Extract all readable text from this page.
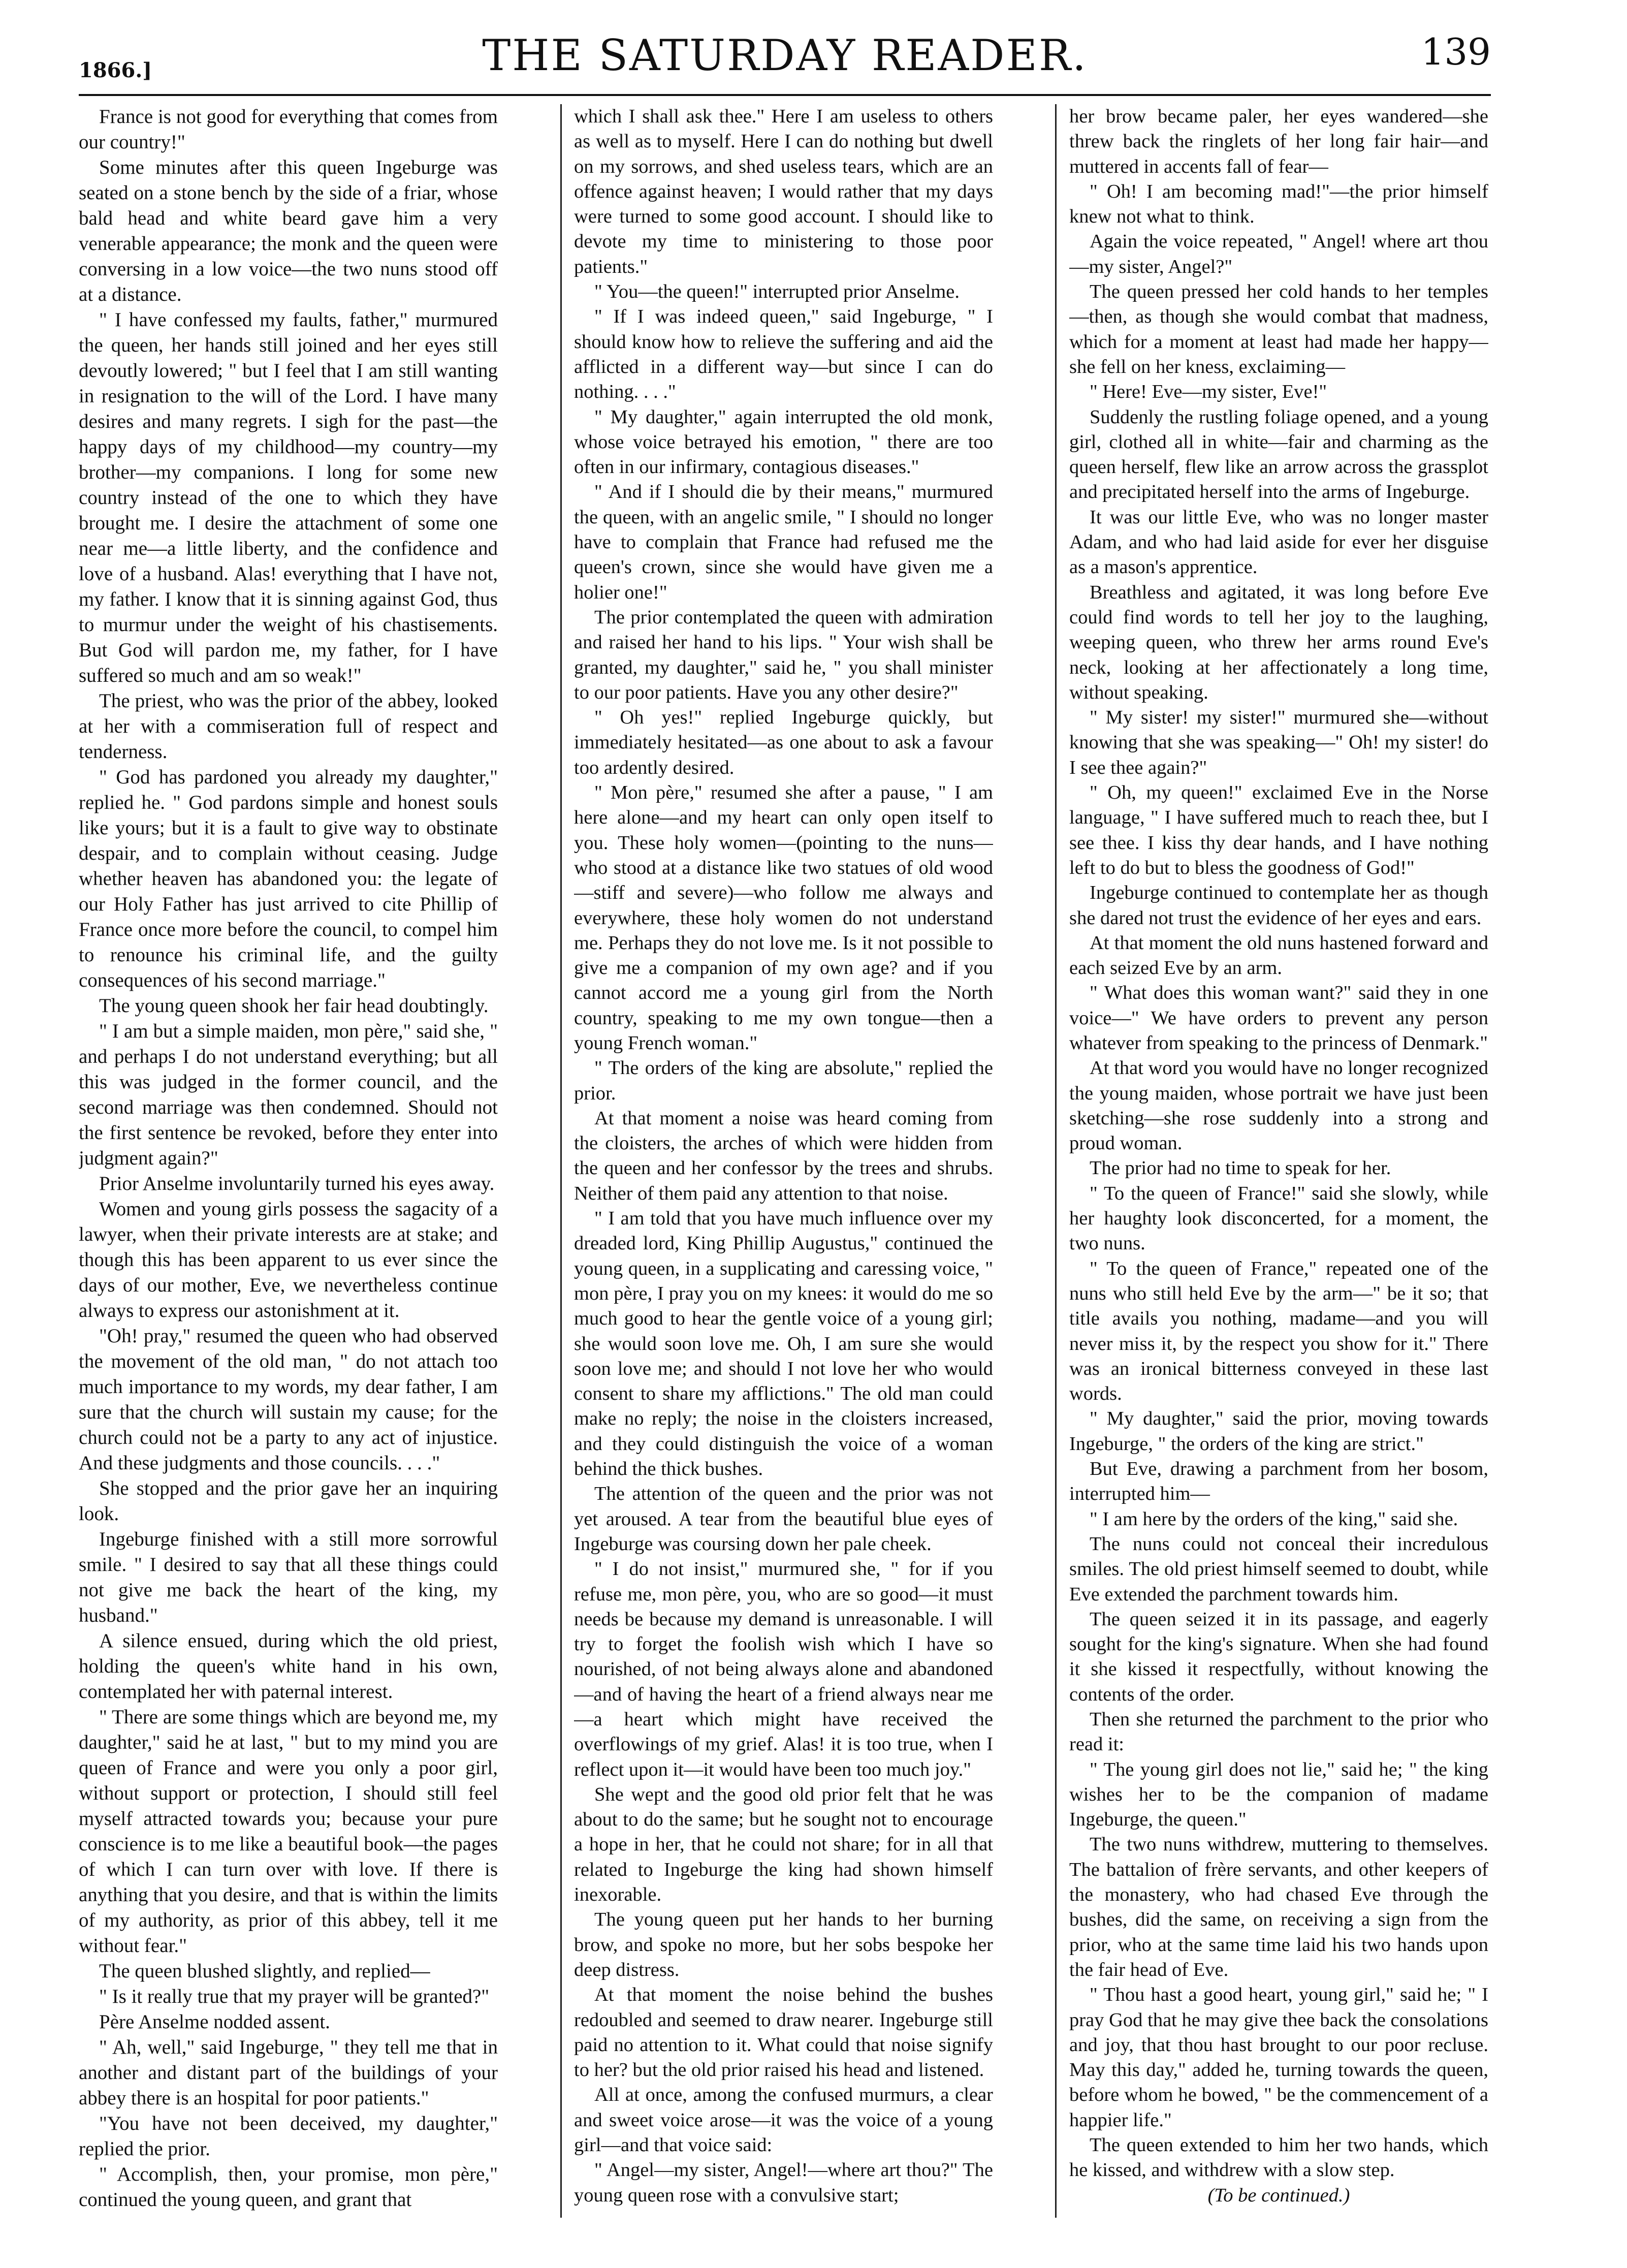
1866.]	THE SATURDAY READER.	139

France is not good for everything that comes from our country!"

Some minutes after this queen Ingeburge was seated on a stone bench by the side of a friar, whose bald head and white beard gave him a very venerable appearance; the monk and the queen were conversing in a low voice—the two nuns stood off at a distance.

" I have confessed my faults, father," murmured the queen, her hands still joined and her eyes still devoutly lowered; " but I feel that I am still wanting in resignation to the will of the Lord. I have many desires and many regrets. I sigh for the past—the happy days of my childhood—my country—my brother—my companions. I long for some new country instead of the one to which they have brought me. I desire the attachment of some one near me—a little liberty, and the confidence and love of a husband. Alas! everything that I have not, my father. I know that it is sinning against God, thus to murmur under the weight of his chastisements. But God will pardon me, my father, for I have suffered so much and am so weak!"

The priest, who was the prior of the abbey, looked at her with a commiseration full of respect and tenderness.

" God has pardoned you already my daughter," replied he. " God pardons simple and honest souls like yours; but it is a fault to give way to obstinate despair, and to complain without ceasing. Judge whether heaven has abandoned you: the legate of our Holy Father has just arrived to cite Phillip of France once more before the council, to compel him to renounce his criminal life, and the guilty consequences of his second marriage."

The young queen shook her fair head doubtingly.

" I am but a simple maiden, mon père," said she, " and perhaps I do not understand everything; but all this was judged in the former council, and the second marriage was then condemned. Should not the first sentence be revoked, before they enter into judgment again?"

Prior Anselme involuntarily turned his eyes away.

Women and young girls possess the sagacity of a lawyer, when their private interests are at stake; and though this has been apparent to us ever since the days of our mother, Eve, we nevertheless continue always to express our astonishment at it.

"Oh! pray," resumed the queen who had observed the movement of the old man, " do not attach too much importance to my words, my dear father, I am sure that the church will sustain my cause; for the church could not be a party to any act of injustice. And these judgments and those councils. . . ."

She stopped and the prior gave her an inquiring look.

Ingeburge finished with a still more sorrowful smile. " I desired to say that all these things could not give me back the heart of the king, my husband."

A silence ensued, during which the old priest, holding the queen's white hand in his own, contemplated her with paternal interest.

" There are some things which are beyond me, my daughter," said he at last, " but to my mind you are queen of France and were you only a poor girl, without support or protection, I should still feel myself attracted towards you; because your pure conscience is to me like a beautiful book—the pages of which I can turn over with love. If there is anything that you desire, and that is within the limits of my authority, as prior of this abbey, tell it me without fear."

The queen blushed slightly, and replied—

" Is it really true that my prayer will be granted?"

Père Anselme nodded assent.

" Ah, well," said Ingeburge, " they tell me that in another and distant part of the buildings of your abbey there is an hospital for poor patients."

"You have not been deceived, my daughter," replied the prior.

" Accomplish, then, your promise, mon père," continued the young queen, and grant that

which I shall ask thee." Here I am useless to others as well as to myself. Here I can do nothing but dwell on my sorrows, and shed useless tears, which are an offence against heaven; I would rather that my days were turned to some good account. I should like to devote my time to ministering to those poor patients."

" You—the queen!" interrupted prior Anselme.

" If I was indeed queen," said Ingeburge, " I should know how to relieve the suffering and aid the afflicted in a different way—but since I can do nothing. . . ."

" My daughter," again interrupted the old monk, whose voice betrayed his emotion, " there are too often in our infirmary, contagious diseases."

" And if I should die by their means," murmured the queen, with an angelic smile, " I should no longer have to complain that France had refused me the queen's crown, since she would have given me a holier one!"

The prior contemplated the queen with admiration and raised her hand to his lips. " Your wish shall be granted, my daughter," said he, " you shall minister to our poor patients. Have you any other desire?"

" Oh yes!" replied Ingeburge quickly, but immediately hesitated—as one about to ask a favour too ardently desired.

" Mon père," resumed she after a pause, " I am here alone—and my heart can only open itself to you. These holy women—(pointing to the nuns—who stood at a distance like two statues of old wood—stiff and severe)—who follow me always and everywhere, these holy women do not understand me. Perhaps they do not love me. Is it not possible to give me a companion of my own age? and if you cannot accord me a young girl from the North country, speaking to me my own tongue—then a young French woman."

" The orders of the king are absolute," replied the prior.

At that moment a noise was heard coming from the cloisters, the arches of which were hidden from the queen and her confessor by the trees and shrubs. Neither of them paid any attention to that noise.

" I am told that you have much influence over my dreaded lord, King Phillip Augustus," continued the young queen, in a supplicating and caressing voice, " mon père, I pray you on my knees: it would do me so much good to hear the gentle voice of a young girl; she would soon love me. Oh, I am sure she would soon love me; and should I not love her who would consent to share my afflictions." The old man could make no reply; the noise in the cloisters increased, and they could distinguish the voice of a woman behind the thick bushes.

The attention of the queen and the prior was not yet aroused. A tear from the beautiful blue eyes of Ingeburge was coursing down her pale cheek.

" I do not insist," murmured she, " for if you refuse me, mon père, you, who are so good—it must needs be because my demand is unreasonable. I will try to forget the foolish wish which I have so nourished, of not being always alone and abandoned—and of having the heart of a friend always near me—a heart which might have received the overflowings of my grief. Alas! it is too true, when I reflect upon it—it would have been too much joy."

She wept and the good old prior felt that he was about to do the same; but he sought not to encourage a hope in her, that he could not share; for in all that related to Ingeburge the king had shown himself inexorable.

The young queen put her hands to her burning brow, and spoke no more, but her sobs bespoke her deep distress.

At that moment the noise behind the bushes redoubled and seemed to draw nearer. Ingeburge still paid no attention to it. What could that noise signify to her? but the old prior raised his head and listened.

All at once, among the confused murmurs, a clear and sweet voice arose—it was the voice of a young girl—and that voice said:

" Angel—my sister, Angel!—where art thou?" The young queen rose with a convulsive start;

her brow became paler, her eyes wandered—she threw back the ringlets of her long fair hair—and muttered in accents fall of fear—

" Oh! I am becoming mad!"—the prior himself knew not what to think.

Again the voice repeated, " Angel! where art thou—my sister, Angel?"

The queen pressed her cold hands to her temples—then, as though she would combat that madness, which for a moment at least had made her happy—she fell on her kness, exclaiming—

" Here! Eve—my sister, Eve!"

Suddenly the rustling foliage opened, and a young girl, clothed all in white—fair and charming as the queen herself, flew like an arrow across the grassplot and precipitated herself into the arms of Ingeburge.

It was our little Eve, who was no longer master Adam, and who had laid aside for ever her disguise as a mason's apprentice.

Breathless and agitated, it was long before Eve could find words to tell her joy to the laughing, weeping queen, who threw her arms round Eve's neck, looking at her affectionately a long time, without speaking.

" My sister! my sister!" murmured she—without knowing that she was speaking—" Oh! my sister! do I see thee again?"

" Oh, my queen!" exclaimed Eve in the Norse language, " I have suffered much to reach thee, but I see thee. I kiss thy dear hands, and I have nothing left to do but to bless the goodness of God!"

Ingeburge continued to contemplate her as though she dared not trust the evidence of her eyes and ears.

At that moment the old nuns hastened forward and each seized Eve by an arm.

" What does this woman want?" said they in one voice—" We have orders to prevent any person whatever from speaking to the princess of Denmark."

At that word you would have no longer recognized the young maiden, whose portrait we have just been sketching—she rose suddenly into a strong and proud woman.

The prior had no time to speak for her.

" To the queen of France!" said she slowly, while her haughty look disconcerted, for a moment, the two nuns.

" To the queen of France," repeated one of the nuns who still held Eve by the arm—" be it so; that title avails you nothing, madame—and you will never miss it, by the respect you show for it." There was an ironical bitterness conveyed in these last words.

" My daughter," said the prior, moving towards Ingeburge, " the orders of the king are strict."

But Eve, drawing a parchment from her bosom, interrupted him—

" I am here by the orders of the king," said she.

The nuns could not conceal their incredulous smiles. The old priest himself seemed to doubt, while Eve extended the parchment towards him.

The queen seized it in its passage, and eagerly sought for the king's signature. When she had found it she kissed it respectfully, without knowing the contents of the order.

Then she returned the parchment to the prior who read it:

" The young girl does not lie," said he; " the king wishes her to be the companion of madame Ingeburge, the queen."

The two nuns withdrew, muttering to themselves. The battalion of frère servants, and other keepers of the monastery, who had chased Eve through the bushes, did the same, on receiving a sign from the prior, who at the same time laid his two hands upon the fair head of Eve.

" Thou hast a good heart, young girl," said he; " I pray God that he may give thee back the consolations and joy, that thou hast brought to our poor recluse. May this day," added he, turning towards the queen, before whom he bowed, " be the commencement of a happier life."

The queen extended to him her two hands, which he kissed, and withdrew with a slow step.

(To be continued.)
